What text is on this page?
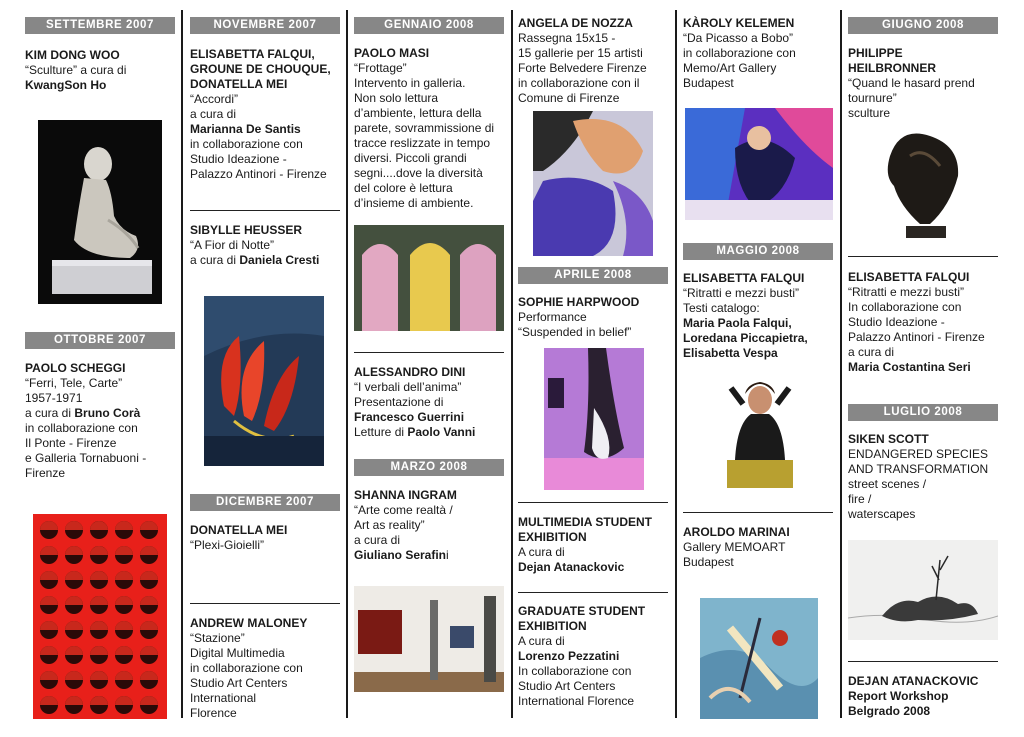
SETTEMBRE 2007

KIM DONG WOO

“Sculture” a cura di

KwangSon Ho

OTTOBRE 2007

PAOLO SCHEGGI

“Ferri, Tele, Carte”

1957-1971

a cura di Bruno Corà

in collaborazione con

Il Ponte - Firenze

e Galleria Tornabuoni -

Firenze

NOVEMBRE 2007

ELISABETTA FALQUI,

GROUNE DE CHOUQUE,

DONATELLA MEI

“Accordi”

a cura di

Marianna De Santis

in collaborazione con

Studio Ideazione -

Palazzo Antinori - Firenze

SIBYLLE HEUSSER

“A Fior di Notte”

a cura di Daniela Cresti

DICEMBRE 2007

DONATELLA MEI

“Plexi-Gioielli”

ANDREW MALONEY

“Stazione”

Digital Multimedia

in collaborazione con

Studio Art Centers

International

Florence

GENNAIO 2008

PAOLO MASI

“Frottage”

Intervento in galleria.

Non solo lettura

d’ambiente, lettura della

parete, sovrammissione di

tracce reslizzate in tempo

diversi. Piccoli grandi

segni....dove la diversità

del colore è lettura

d’insieme di ambiente.

ALESSANDRO DINI

“I verbali dell’anima”

Presentazione di

Francesco Guerrini

Letture di Paolo Vanni

MARZO 2008

SHANNA INGRAM

“Arte come realtà /

Art as reality”

a cura di

Giuliano Serafini

ANGELA DE NOZZA

Rassegna 15x15 -

15 gallerie per 15 artisti

Forte Belvedere Firenze

in collaborazione con il

Comune di Firenze

APRILE 2008

SOPHIE HARPWOOD

Performance

“Suspended in belief”

MULTIMEDIA STUDENT

EXHIBITION

A cura di

Dejan Atanackovic

GRADUATE STUDENT

EXHIBITION

A cura di

Lorenzo Pezzatini

In collaborazione con

Studio Art Centers

International Florence

KÀROLY KELEMEN

“Da Picasso a Bobo”

in collaborazione con

Memo/Art Gallery

Budapest

MAGGIO 2008

ELISABETTA FALQUI

“Ritratti e mezzi busti”

Testi catalogo:

Maria Paola Falqui,

Loredana Piccapietra,

Elisabetta Vespa

AROLDO MARINAI

Gallery MEMOART

Budapest

GIUGNO 2008

PHILIPPE

HEILBRONNER

“Quand le hasard prend

tournure”

sculture

ELISABETTA FALQUI

“Ritratti e mezzi busti”

In collaborazione con

Studio Ideazione -

Palazzo Antinori - Firenze

a cura di

Maria Costantina Seri

LUGLIO 2008

SIKEN SCOTT

ENDANGERED SPECIES

AND TRANSFORMATION

street scenes /

fire /

waterscapes

DEJAN ATANACKOVIC

Report Workshop

Belgrado 2008
